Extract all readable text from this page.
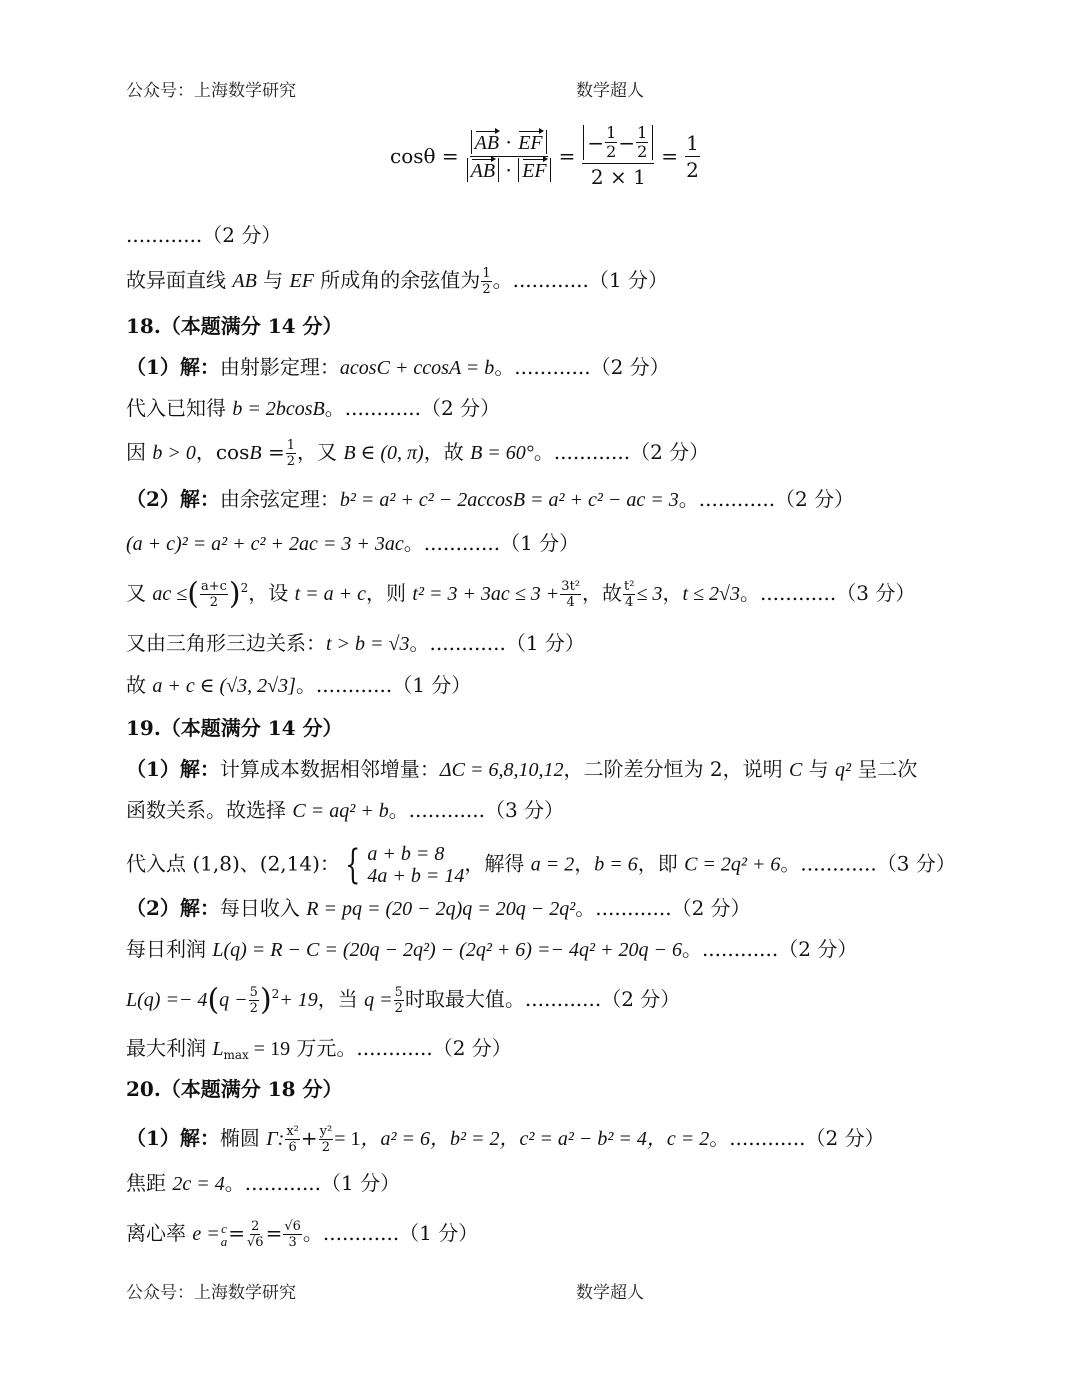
公众号：上海数学研究	数学超人
$\cos\theta = \frac{AB \cdot EF}{AB \cdot EF} = \frac{- \frac{1}{2} - \frac{1}{2}}{2 \times 1} = \frac{1}{2}$
............（2 分）
故异面直线 AB 与 EF 所成角的余弦值为 $\frac{1}{2}$ 。............（1 分）
18.（本题满分 14 分）
（1）解：由射影定理：acosC + ccosA = b。............（2 分）
代入已知得 b = 2bcosB。............（2 分）
因 b > 0，$\cos B = \frac{1}{2}$ ，又 B ∈ (0, π)，故 B = 60°。............（2 分）
（2）解：由余弦定理：b² = a² + c² − 2accosB = a² + c² − ac = 3。............（2 分）
(a + c)² = a² + c² + 2ac = 3 + 3ac。............（1 分）
又 ac ≤( $\frac{a+c}{2} )^2$，设 t = a + c，则 $t^2 = 3 + 3ac \le 3 + \frac{\text{3t²}}{4}$ ，故 $\frac{\text{t²}}{4} \le 3$，t ≤ 2√3。............（3 分）
又由三角形三边关系：t > b = √3。............（1 分）
故 a + c ∈ (√3, 2√3]。............（1 分）
19.（本题满分 14 分）
（1）解：计算成本数据相邻增量：ΔC = 6,8,10,12，二阶差分恒为 2，说明 C 与 q² 呈二次
函数关系。故选择 C = aq² + b。............（3 分）
代入点 (1,8)、(2,14)： { a + b = 8
4a + b = 14
，解得 a = 2，b = 6，即 C = 2q² + 6。............（3 分）
（2）解：每日收入 R = pq = (20 − 2q)q = 20q − 2q²。............（2 分）
每日利润 L(q) = R − C = (20q − 2q²) − (2q² + 6) =− 4q² + 20q − 6。............（2 分）
$L(q) =- 4(q - \frac{5}{2} )^2+ 19$，当 $q = \frac{5}{2}$ 时取最大值。............（2 分）
最大利润 $L_{max} = 19$ 万元。............（2 分）
20.（本题满分 18 分）
（1）解：椭圆 Γ: $\frac{\text{x²}}{6} + \frac{\text{y²}}{2} = 1$，a² = 6，b² = 2，c² = a² − b² = 4，c = 2。............（2 分）
焦距 2c = 4。............（1 分）
离心率 e = c
$a = \frac{2}{√6} = \frac{√6}{3}$ 。............（1 分）
公众号：上海数学研究	数学超人
